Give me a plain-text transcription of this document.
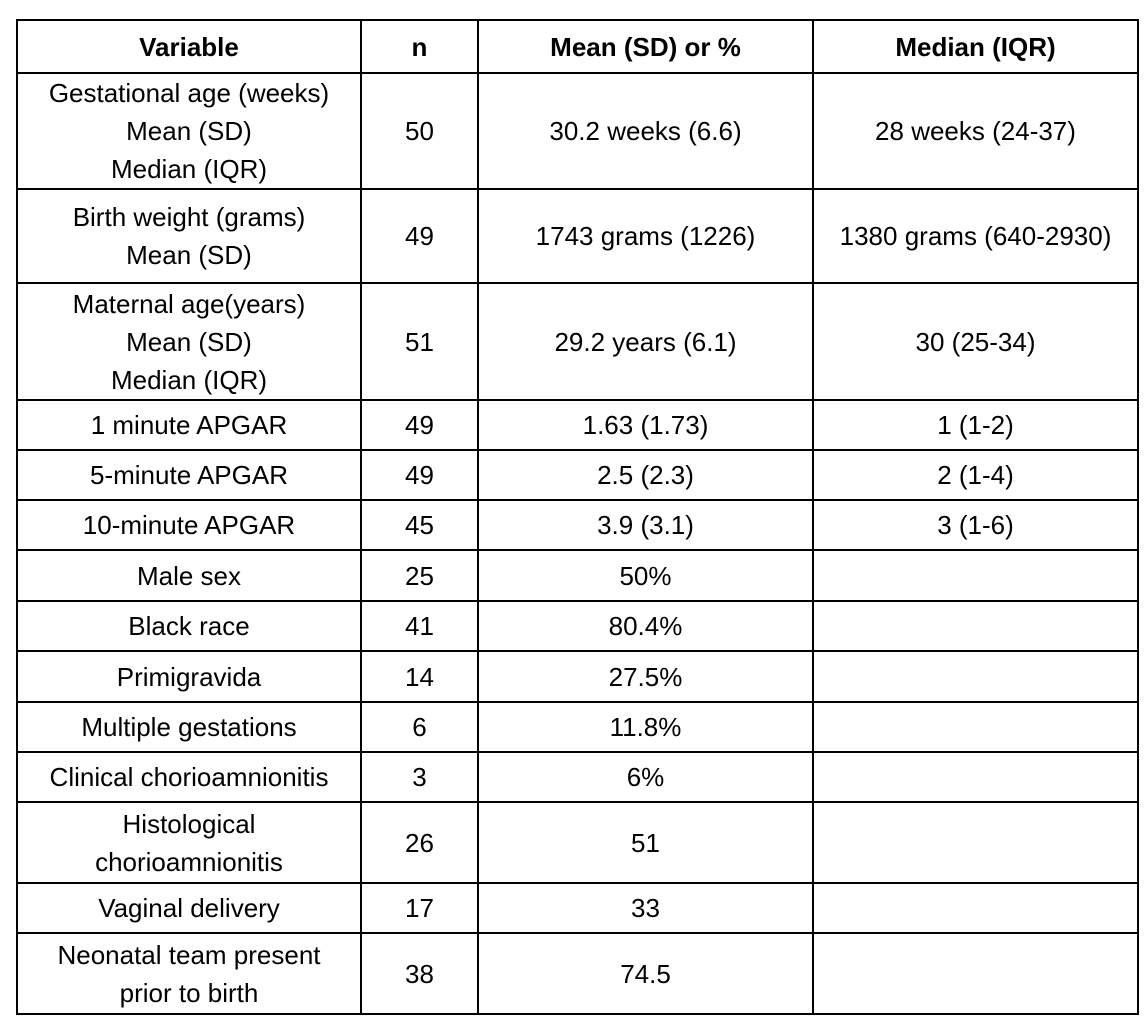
Variable	n	Mean (SD) or %	Median (IQR)

Gestational age (weeks)
Mean (SD)
Median (IQR)	50	30.2 weeks (6.6)	28 weeks (24-37)

Birth weight (grams)
Mean (SD)	49	1743 grams (1226)	1380 grams (640-2930)

Maternal age(years)
Mean (SD)
Median (IQR)	51	29.2 years (6.1)	30 (25-34)
1 minute APGAR	49	1.63 (1.73)	1 (1-2)
5-minute APGAR	49	2.5 (2.3)	2 (1-4)
10-minute APGAR	45	3.9 (3.1)	3 (1-6)
Male sex	25	50%	
Black race	41	80.4%	
Primigravida	14	27.5%	
Multiple gestations	6	11.8%	
Clinical chorioamnionitis	3	6%	

Histological
chorioamnionitis	26	51	
Vaginal delivery	17	33	

Neonatal team present
prior to birth	38	74.5	
